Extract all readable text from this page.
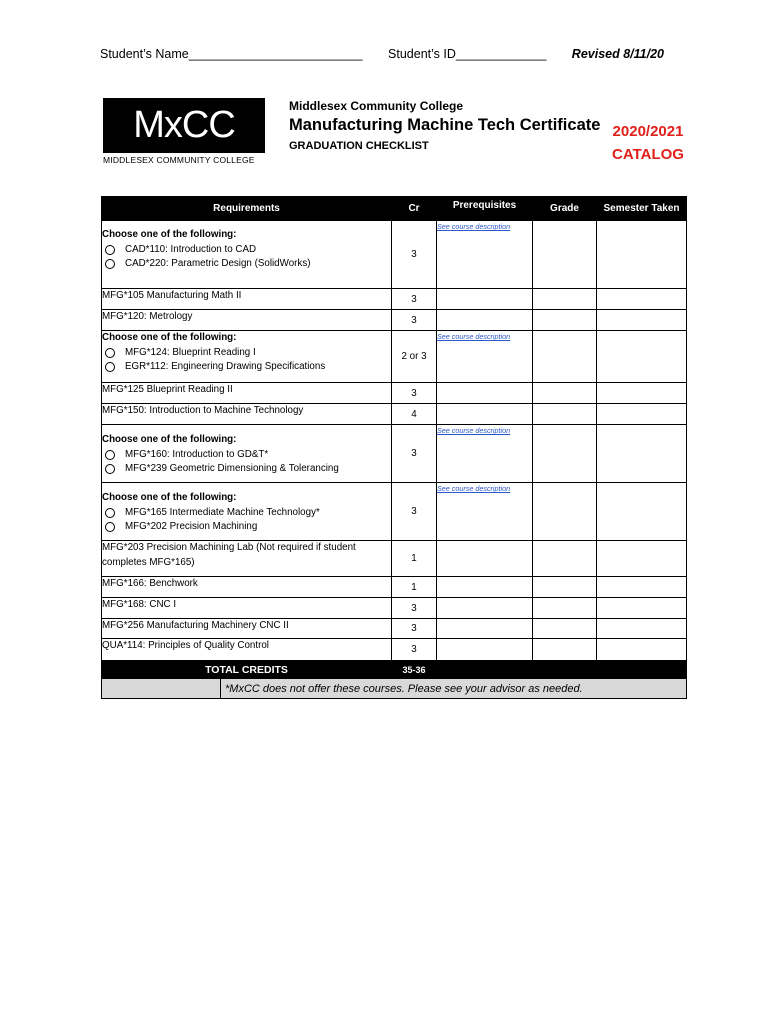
Student’s Name_________________________ Student’s ID_____________ Revised 8/11/20
MxCC
MIDDLESEX COMMUNITY COLLEGE
Middlesex Community College
Manufacturing Machine Tech Certificate
GRADUATION CHECKLIST
2020/2021
CATALOG
Requirements	Cr	Prerequisites	Grade	Semester Taken

Choose one of the following:
CAD*110: Introduction to CAD
CAD*220: Parametric Design (SolidWorks)	3	See course description		
MFG*105 Manufacturing Math II	3			
MFG*120: Metrology	3			

Choose one of the following:
MFG*124: Blueprint Reading I
EGR*112: Engineering Drawing Specifications	2 or 3	See course description		
MFG*125 Blueprint Reading II	3			
MFG*150: Introduction to Machine Technology	4			

Choose one of the following:
MFG*160: Introduction to GD&T*
MFG*239 Geometric Dimensioning & Tolerancing	3	See course description		

Choose one of the following:
MFG*165 Intermediate Machine Technology*
MFG*202 Precision Machining	3	See course description		
MFG*203 Precision Machining Lab (Not required if student completes MFG*165)	1			
MFG*166: Benchwork	1			
MFG*168: CNC I	3			
MFG*256 Manufacturing Machinery CNC II	3			
QUA*114: Principles of Quality Control	3			
TOTAL CREDITS	35-36			

*MxCC does not offer these courses. Please see your advisor as needed.				
